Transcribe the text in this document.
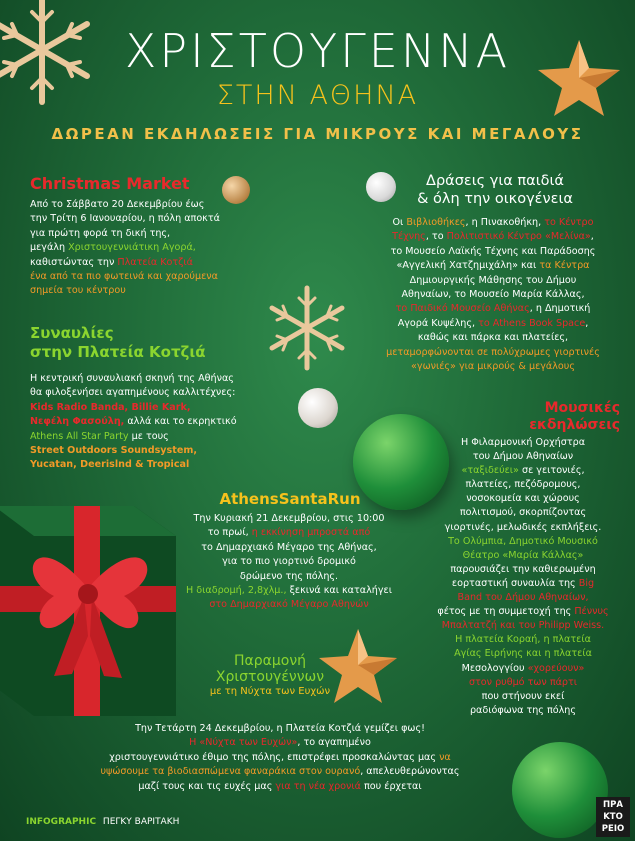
ΧΡΙΣΤΟΥΓΕΝΝΑ
ΣΤΗΝ ΑΘΗΝΑ
ΔΩΡΕΑΝ ΕΚΔΗΛΩΣΕΙΣ ΓΙΑ ΜΙΚΡΟΥΣ ΚΑΙ ΜΕΓΑΛΟΥΣ
Christmas Market
Από το Σάββατο 20 Δεκεμβρίου έως
την Τρίτη 6 Ιανουαρίου, η πόλη αποκτά
για πρώτη φορά τη δική της,
μεγάλη Χριστουγεννιάτικη Αγορά,
καθιστώντας την Πλατεία Κοτζιά
ένα από τα πιο φωτεινά και χαρούμενα
σημεία του κέντρου
Συναυλίες
στην Πλατεία Κοτζιά
Η κεντρική συναυλιακή σκηνή της Αθήνας
θα φιλοξενήσει αγαπημένους καλλιτέχνες:
Kids Radio Banda, Billie Kark,
Νεφέλη Φασούλη, αλλά και το εκρηκτικό
Athens All Star Party με τους
Street Outdoors Soundsystem,
Yucatan, Deerislnd & Tropical
Δράσεις για παιδιά
& όλη την οικογένεια
Οι Βιβλιοθήκες, η Πινακοθήκη, το Κέντρο
Τέχνης, το Πολιτιστικό Κέντρο «Μελίνα»,
το Μουσείο Λαϊκής Τέχνης και Παράδοσης
«Αγγελική Χατζημιχάλη» και τα Κέντρα
Δημιουργικής Μάθησης του Δήμου
Αθηναίων, το Μουσείο Μαρία Κάλλας,
το Παιδικό Μουσείο Αθήνας, η Δημοτική
Αγορά Κυψέλης, το Athens Book Space,
καθώς και πάρκα και πλατείες,
μεταμορφώνονται σε πολύχρωμες γιορτινές
«γωνιές» για μικρούς & μεγάλους
Μουσικές
εκδηλώσεις
Η Φιλαρμονική Ορχήστρα
του Δήμου Αθηναίων
«ταξιδεύει» σε γειτονιές,
πλατείες, πεζόδρομους,
νοσοκομεία και χώρους
πολιτισμού, σκορπίζοντας
γιορτινές, μελωδικές εκπλήξεις.
Το Ολύμπια, Δημοτικό Μουσικό
Θέατρο «Μαρία Κάλλας»
παρουσιάζει την καθιερωμένη
εορταστική συναυλία της Big
Band του Δήμου Αθηναίων,
φέτος με τη συμμετοχή της Πέννυς
Μπαλτατζή και του Philipp Weiss.
Η πλατεία Κοραή, η πλατεία
Αγίας Ειρήνης και η πλατεία
Μεσολογγίου «χορεύουν»
στον ρυθμό των πάρτι
που στήνουν εκεί
ραδιόφωνα της πόλης
AthensSantaRun
Την Κυριακή 21 Δεκεμβρίου, στις 10:00
το πρωί, η εκκίνηση μπροστά από
το Δημαρχιακό Μέγαρο της Αθήνας,
για το πιο γιορτινό δρομικό
δρώμενο της πόλης.
Η διαδρομή, 2,8χλμ., ξεκινά και καταλήγει
στο Δημαρχιακό Μέγαρο Αθηνών
Παραμονή
Χριστουγέννων
με τη Νύχτα των Ευχών
Την Τετάρτη 24 Δεκεμβρίου, η Πλατεία Κοτζιά γεμίζει φως!
Η «Νύχτα των Ευχών», το αγαπημένο
χριστουγεννιάτικο έθιμο της πόλης, επιστρέφει προσκαλώντας μας να
υψώσουμε τα βιοδιασπώμενα φαναράκια στον ουρανό, απελευθερώνοντας
μαζί τους και τις ευχές μας για τη νέα χρονιά που έρχεται
INFOGRAPHIC ΠΕΓΚΥ ΒΑΡΙΤΑΚΗ
ΠΡΑ
ΚΤΟ
ΡΕΙΟ
